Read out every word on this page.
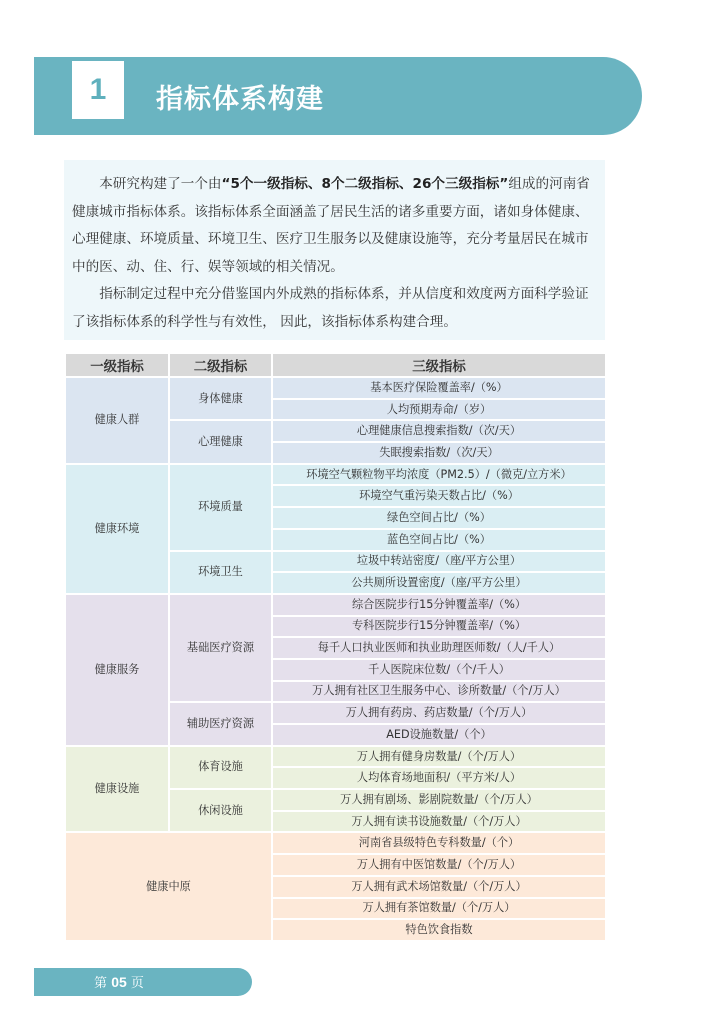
1	指标体系构建

本研究构建了一个由“5个一级指标、8个二级指标、26个三级指标”组成的河南省健康城市指标体系。该指标体系全面涵盖了居民生活的诸多重要方面，诸如身体健康、心理健康、环境质量、环境卫生、医疗卫生服务以及健康设施等，充分考量居民在城市中的医、动、住、行、娱等领域的相关情况。

指标制定过程中充分借鉴国内外成熟的指标体系，并从信度和效度两方面科学验证了该指标体系的科学性与有效性， 因此，该指标体系构建合理。

一级指标	二级指标	三级指标
健康人群	身体健康	基本医疗保险覆盖率/（%）
		人均预期寿命/（岁）
	心理健康	心理健康信息搜索指数/（次/天）
		失眠搜索指数/（次/天）
健康环境	环境质量	环境空气颗粒物平均浓度（PM2.5）/（微克/立方米）
		环境空气重污染天数占比/（%）
		绿色空间占比/（%）
		蓝色空间占比/（%）
	环境卫生	垃圾中转站密度/（座/平方公里）
		公共厕所设置密度/（座/平方公里）
健康服务	基础医疗资源	综合医院步行15分钟覆盖率/（%）
		专科医院步行15分钟覆盖率/（%）
		每千人口执业医师和执业助理医师数/（人/千人）
		千人医院床位数/（个/千人）
		万人拥有社区卫生服务中心、诊所数量/（个/万人）
	辅助医疗资源	万人拥有药房、药店数量/（个/万人）
		AED设施数量/（个）
健康设施	体育设施	万人拥有健身房数量/（个/万人）
		人均体育场地面积/（平方米/人）
	休闲设施	万人拥有剧场、影剧院数量/（个/万人）
		万人拥有读书设施数量/（个/万人）
健康中原		河南省县级特色专科数量/（个）
		万人拥有中医馆数量/（个/万人）
		万人拥有武术场馆数量/（个/万人）
		万人拥有茶馆数量/（个/万人）
		特色饮食指数
第 05 页
